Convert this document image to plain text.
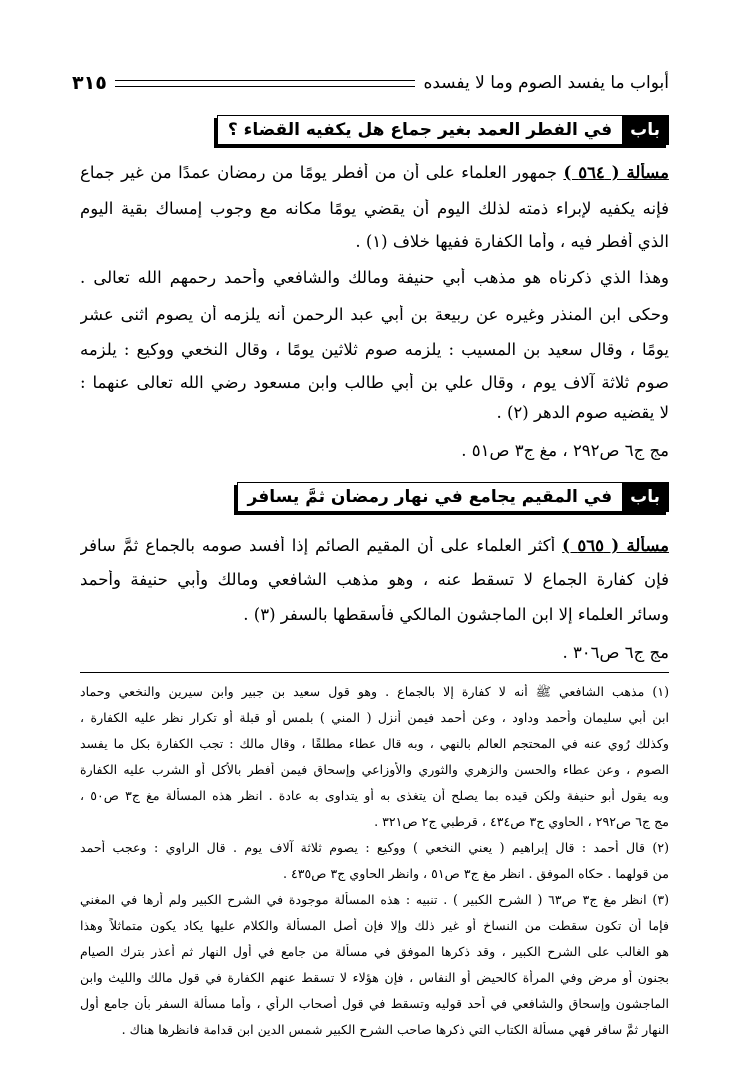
أبواب ما يفسد الصوم وما لا يفسده
٣١٥
باب
في الفطر العمد بغير جماع هل يكفيه القضاء ؟
مسألة ( ٥٦٤ ) جمهور العلماء على أن من أفطر يومًا من رمضان عمدًا من غير جماع
فإنه يكفيه لإبراء ذمته لذلك اليوم أن يقضي يومًا مكانه مع وجوب إمساك بقية اليوم
الذي أفطر فيه ، وأما الكفارة ففيها خلاف (١) .
وهذا الذي ذكرناه هو مذهب أبي حنيفة ومالك والشافعي وأحمد رحمهم الله تعالى .
وحكى ابن المنذر وغيره عن ربيعة بن أبي عبد الرحمن أنه يلزمه أن يصوم اثنى عشر
يومًا ، وقال سعيد بن المسيب : يلزمه صوم ثلاثين يومًا ، وقال النخعي ووكيع : يلزمه
صوم ثلاثة آلاف يوم ، وقال علي بن أبي طالب وابن مسعود رضي الله تعالى عنهما :
لا يقضيه صوم الدهر (٢) .
مج ج٦ ص٢٩٢ ، مغ ج٣ ص٥١ .
باب
في المقيم يجامع في نهار رمضان ثمَّ يسافر
مسألة ( ٥٦٥ ) أكثر العلماء على أن المقيم الصائم إذا أفسد صومه بالجماع ثمَّ سافر
فإن كفارة الجماع لا تسقط عنه ، وهو مذهب الشافعي ومالك وأبي حنيفة وأحمد
وسائر العلماء إلا ابن الماجشون المالكي فأسقطها بالسفر (٣) .
مج ج٦ ص٣٠٦ .
(١) مذهب الشافعي ﷺ أنه لا كفارة إلا بالجماع . وهو قول سعيد بن جبير وابن سيرين والنخعي وحماد
ابن أبي سليمان وأحمد وداود ، وعن أحمد فيمن أنزل ( المني ) بلمس أو قبلة أو تكرار نظر عليه الكفارة ،
وكذلك رُوي عنه في المحتجم العالم بالنهي ، وبه قال عطاء مطلقًا ، وقال مالك : تجب الكفارة بكل ما يفسد
الصوم ، وعن عطاء والحسن والزهري والثوري والأوزاعي وإسحاق فيمن أفطر بالأكل أو الشرب عليه الكفارة
وبه يقول أبو حنيفة ولكن قيده بما يصلح أن يتغذى به أو يتداوى به عادة . انظر هذه المسألة مغ ج٣ ص٥٠ ،
مج ج٦ ص٢٩٢ ، الحاوي ج٣ ص٤٣٤ ، قرطبي ج٢ ص٣٢١ .
(٢) قال أحمد : قال إبراهيم ( يعني النخعي ) ووكيع : يصوم ثلاثة آلاف يوم . قال الراوي : وعجب أحمد
من قولهما . حكاه الموفق . انظر مغ ج٣ ص٥١ ، وانظر الحاوي ج٣ ص٤٣٥ .
(٣) انظر مغ ج٣ ص٦٣ ( الشرح الكبير ) . تنبيه : هذه المسألة موجودة في الشرح الكبير ولم أرها في المغني
فإما أن تكون سقطت من النساخ أو غير ذلك وإلا فإن أصل المسألة والكلام عليها يكاد يكون متماثلاً وهذا
هو الغالب على الشرح الكبير ، وقد ذكرها الموفق في مسألة من جامع في أول النهار ثم أُعذر بترك الصيام
بجنون أو مرض وفي المرأة كالحيض أو النفاس ، فإن هؤلاء لا تسقط عنهم الكفارة في قول مالك والليث وابن
الماجشون وإسحاق والشافعي في أحد قوليه وتسقط في قول أصحاب الرأي ، وأما مسألة السفر بأن جامع أول
النهار ثمَّ سافر فهي مسألة الكتاب التي ذكرها صاحب الشرح الكبير شمس الدين ابن قدامة فانظرها هناك .
